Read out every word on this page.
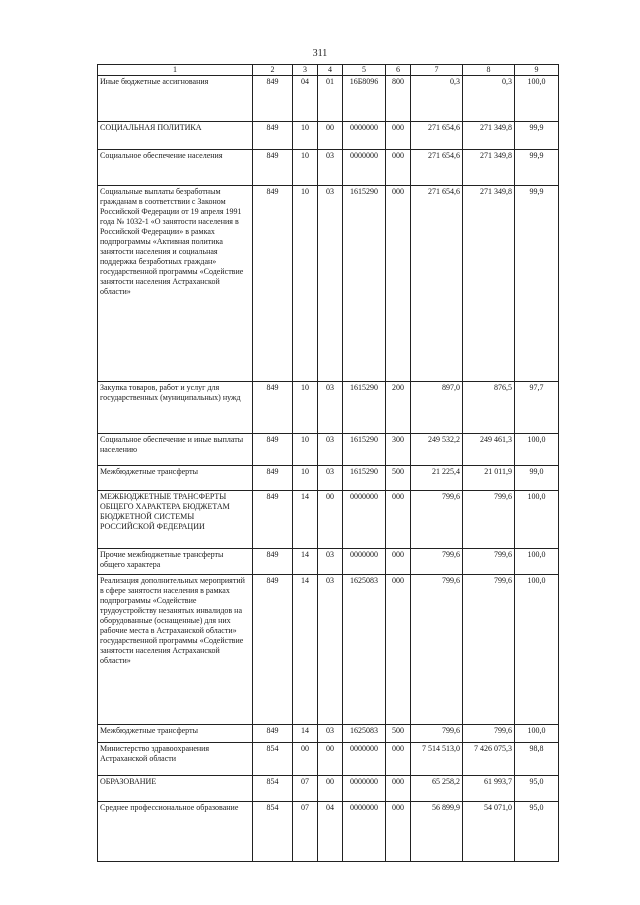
311
1	2	3	4	5	6	7	8	9
Иные бюджетные ассигнования	849	04	01	16Б8096	800	0,3	0,3	100,0
СОЦИАЛЬНАЯ ПОЛИТИКА	849	10	00	0000000	000	271 654,6	271 349,8	99,9
Социальное обеспечение населения	849	10	03	0000000	000	271 654,6	271 349,8	99,9
Социальные выплаты безработным гражданам в соответствии с Законом Российской Федерации от 19 апреля 1991 года № 1032-1 «О занятости населения в Российской Федерации» в рамках подпрограммы «Активная политика занятости населения и социальная поддержка безработных граждан» государственной программы «Содействие занятости населения Астраханской области»	849	10	03	1615290	000	271 654,6	271 349,8	99,9
Закупка товаров, работ и услуг для государственных (муниципальных) нужд	849	10	03	1615290	200	897,0	876,5	97,7
Социальное обеспечение и иные выплаты населению	849	10	03	1615290	300	249 532,2	249 461,3	100,0
Межбюджетные трансферты	849	10	03	1615290	500	21 225,4	21 011,9	99,0
МЕЖБЮДЖЕТНЫЕ ТРАНСФЕРТЫ ОБЩЕГО ХАРАКТЕРА БЮДЖЕТАМ БЮДЖЕТНОЙ СИСТЕМЫ РОССИЙСКОЙ ФЕДЕРАЦИИ	849	14	00	0000000	000	799,6	799,6	100,0
Прочие межбюджетные трансферты общего характера	849	14	03	0000000	000	799,6	799,6	100,0
Реализация дополнительных мероприятий в сфере занятости населения в рамках подпрограммы «Содействие трудоустройству незанятых инвалидов на оборудованные (оснащенные) для них рабочие места в Астраханской области» государственной программы «Содействие занятости населения Астраханской области»	849	14	03	1625083	000	799,6	799,6	100,0
Межбюджетные трансферты	849	14	03	1625083	500	799,6	799,6	100,0
Министерство здравоохранения Астраханской области	854	00	00	0000000	000	7 514 513,0	7 426 075,3	98,8
ОБРАЗОВАНИЕ	854	07	00	0000000	000	65 258,2	61 993,7	95,0
Среднее профессиональное образование	854	07	04	0000000	000	56 899,9	54 071,0	95,0
